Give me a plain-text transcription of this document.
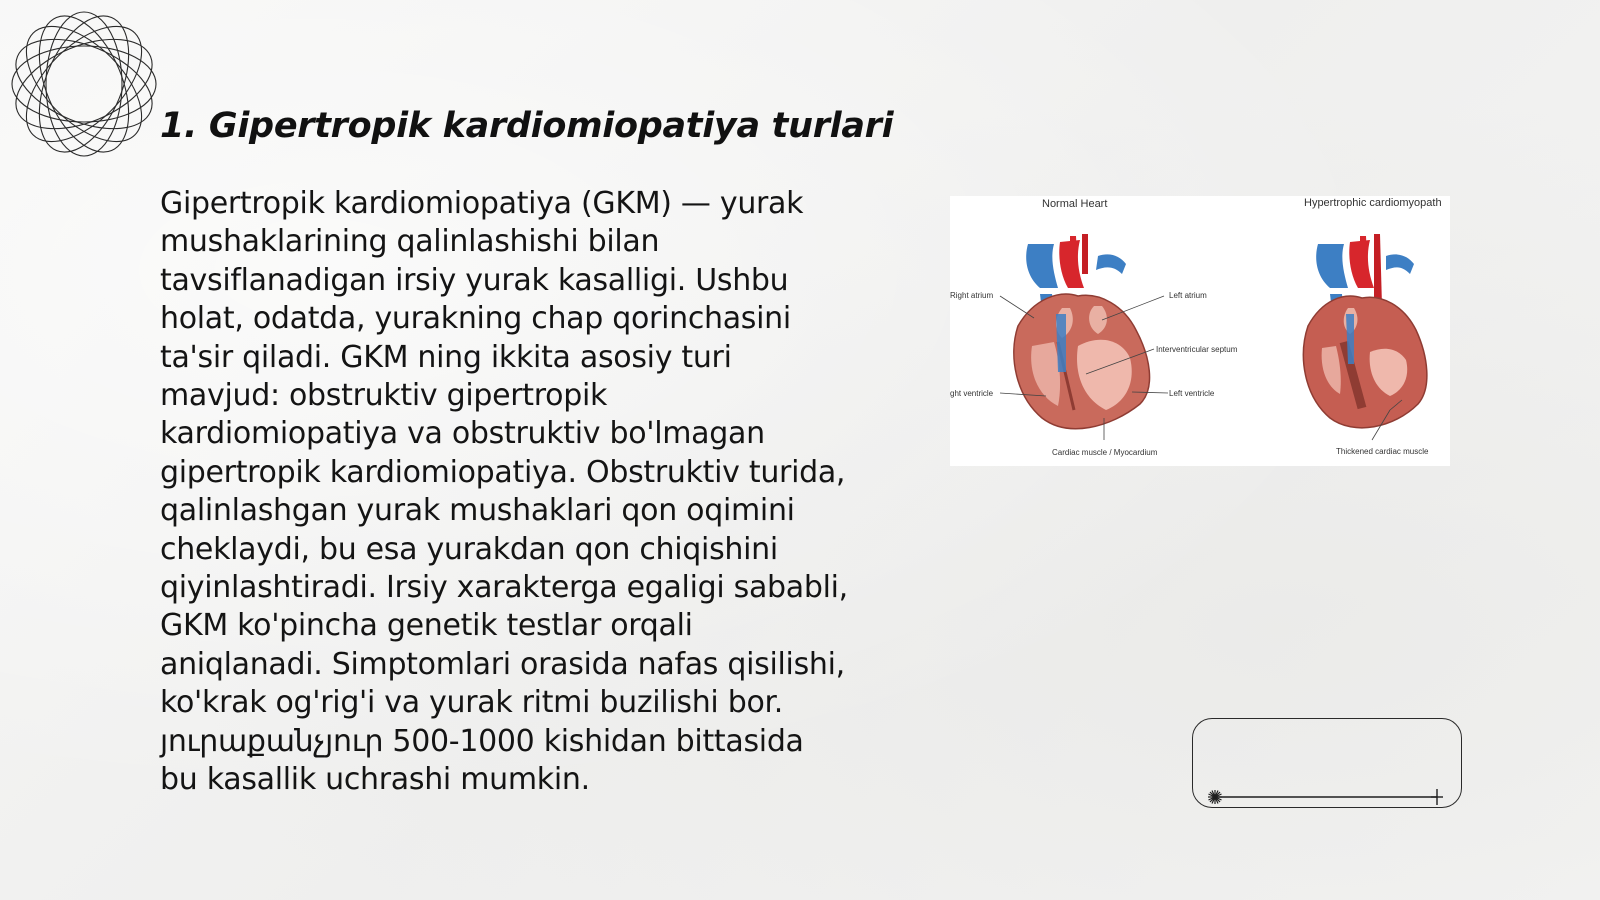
1. Gipertropik kardiomiopatiya turlari

Gipertropik kardiomiopatiya (GKM) — yurak mushaklarining qalinlashishi bilan tavsiflanadigan irsiy yurak kasalligi. Ushbu holat, odatda, yurakning chap qorinchasini ta'sir qiladi. GKM ning ikkita asosiy turi mavjud: obstruktiv gipertropik kardiomiopatiya va obstruktiv bo'lmagan gipertropik kardiomiopatiya. Obstruktiv turida, qalinlashgan yurak mushaklari qon oqimini cheklaydi, bu esa yurakdan qon chiqishini qiyinlashtiradi. Irsiy xarakterga egaligi sababli, GKM ko'pincha genetik testlar orqali aniqlanadi. Simptomlari orasida nafas qisilishi, ko'krak og'rig'i va yurak ritmi buzilishi bor. յուրաքանչյուր 500-1000 kishidan bittasida bu kasallik uchrashi mumkin.

Normal Heart	Hypertrophic cardiomyopath
Right atrium	Left atrium
Interventricular septum
ght ventricle	Left ventricle
Cardiac muscle / Myocardium	Thickened cardiac muscle
